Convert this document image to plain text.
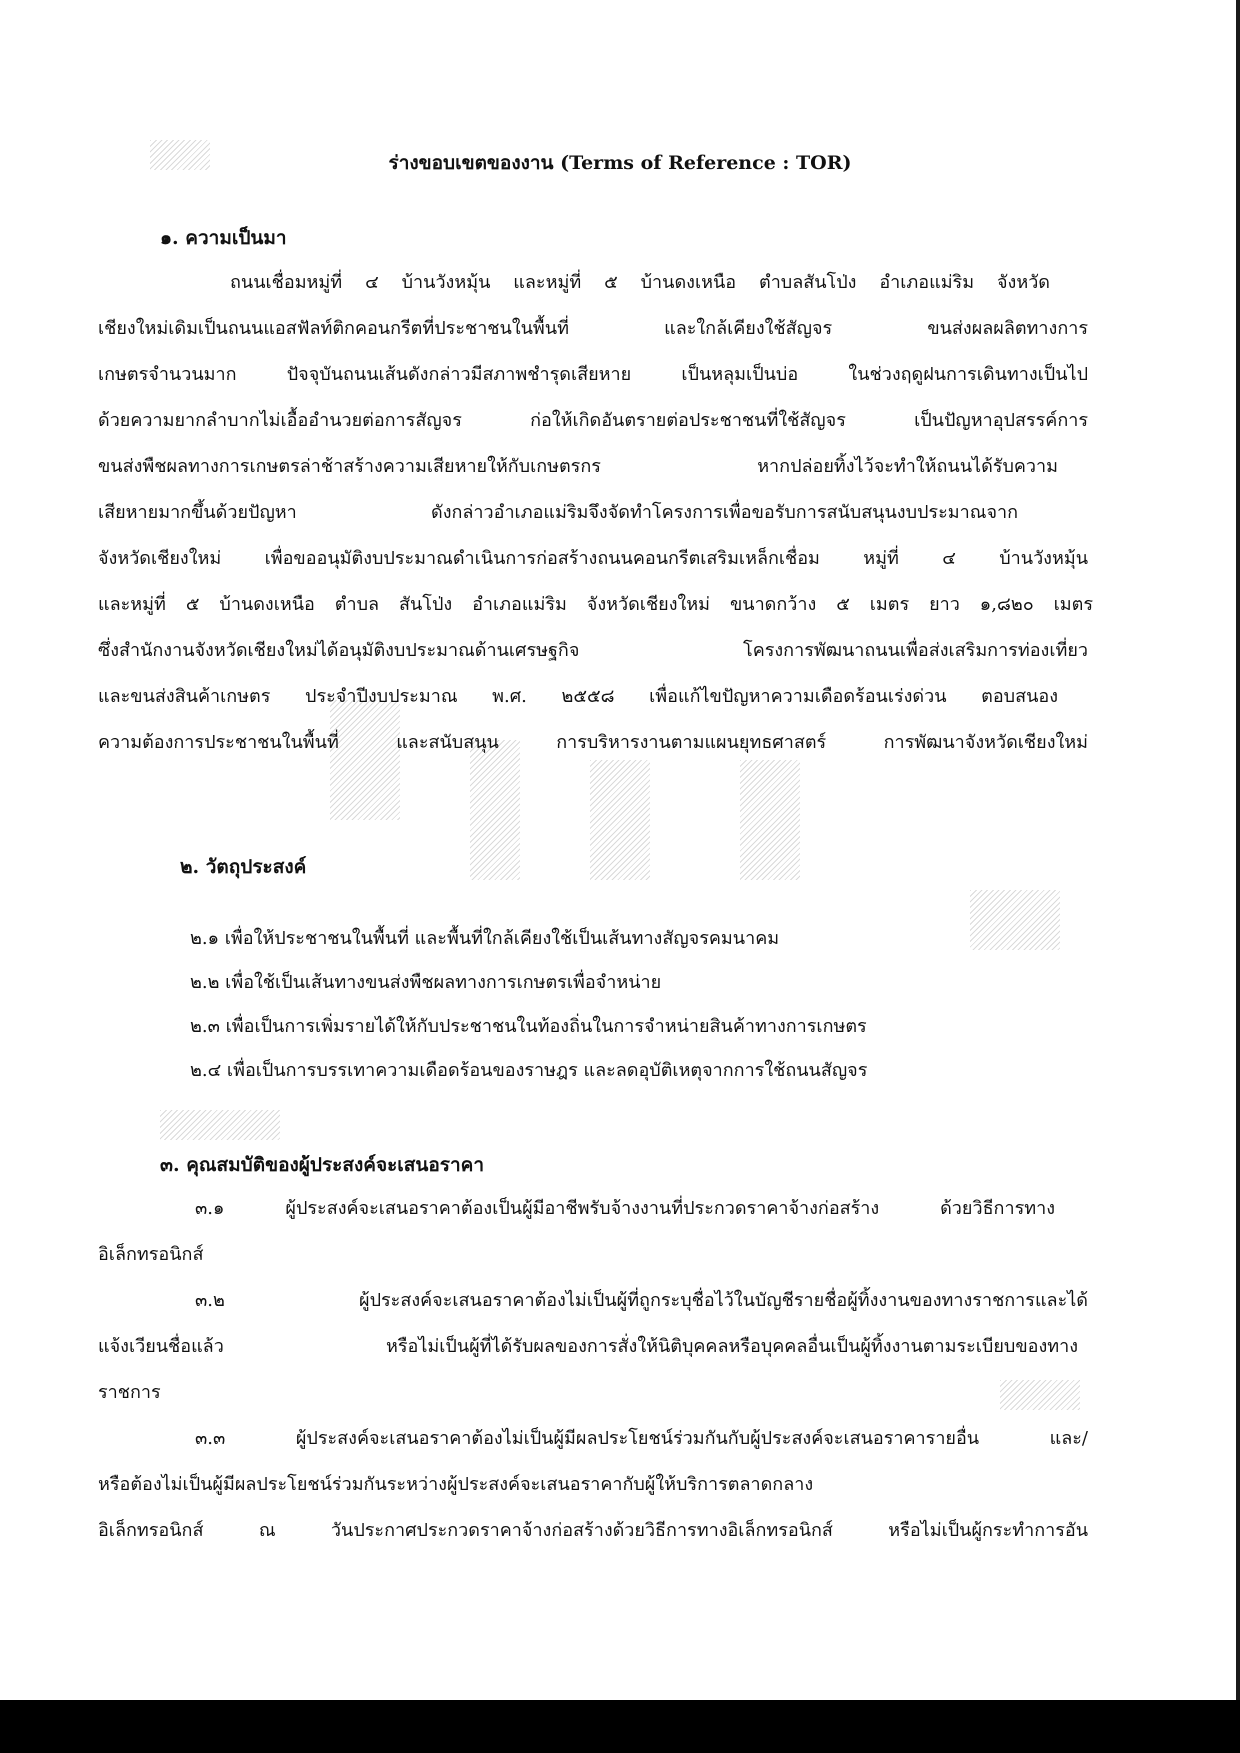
ร่างขอบเขตของงาน (Terms of Reference : TOR)
๑. ความเป็นมา
ถนนเชื่อมหมู่ที่ ๔ บ้านวังหมุ้น และหมู่ที่ ๕ บ้านดงเหนือ ตำบลสันโป่ง อำเภอแม่ริม จังหวัด
เชียงใหม่เดิมเป็นถนนแอสฟัลท์ติกคอนกรีตที่ประชาชนในพื้นที่ และใกล้เคียงใช้สัญจร ขนส่งผลผลิตทางการ
เกษตรจำนวนมาก ปัจจุบันถนนเส้นดังกล่าวมีสภาพชำรุดเสียหาย เป็นหลุมเป็นบ่อ ในช่วงฤดูฝนการเดินทางเป็นไป
ด้วยความยากลำบากไม่เอื้ออำนวยต่อการสัญจร ก่อให้เกิดอันตรายต่อประชาชนที่ใช้สัญจร เป็นปัญหาอุปสรรค์การ
ขนส่งพืชผลทางการเกษตรล่าช้าสร้างความเสียหายให้กับเกษตรกร หากปล่อยทิ้งไว้จะทำให้ถนนได้รับความ
เสียหายมากขึ้นด้วยปัญหา ดังกล่าวอำเภอแม่ริมจึงจัดทำโครงการเพื่อขอรับการสนับสนุนงบประมาณจาก
จังหวัดเชียงใหม่ เพื่อขออนุมัติงบประมาณดำเนินการก่อสร้างถนนคอนกรีตเสริมเหล็กเชื่อม หมู่ที่ ๔ บ้านวังหมุ้น
และหมู่ที่ ๕ บ้านดงเหนือ ตำบล สันโป่ง อำเภอแม่ริม จังหวัดเชียงใหม่ ขนาดกว้าง ๕ เมตร ยาว ๑,๘๒๐ เมตร
ซึ่งสำนักงานจังหวัดเชียงใหม่ได้อนุมัติงบประมาณด้านเศรษฐกิจ โครงการพัฒนาถนนเพื่อส่งเสริมการท่องเที่ยว
และขนส่งสินค้าเกษตร ประจำปีงบประมาณ พ.ศ. ๒๕๕๘ เพื่อแก้ไขปัญหาความเดือดร้อนเร่งด่วน ตอบสนอง
ความต้องการประชาชนในพื้นที่ และสนับสนุน การบริหารงานตามแผนยุทธศาสตร์ การพัฒนาจังหวัดเชียงใหม่
๒. วัตถุประสงค์
๒.๑ เพื่อให้ประชาชนในพื้นที่ และพื้นที่ใกล้เคียงใช้เป็นเส้นทางสัญจรคมนาคม
๒.๒ เพื่อใช้เป็นเส้นทางขนส่งพืชผลทางการเกษตรเพื่อจำหน่าย
๒.๓ เพื่อเป็นการเพิ่มรายได้ให้กับประชาชนในท้องถิ่นในการจำหน่ายสินค้าทางการเกษตร
๒.๔ เพื่อเป็นการบรรเทาความเดือดร้อนของราษฎร และลดอุบัติเหตุจากการใช้ถนนสัญจร
๓. คุณสมบัติของผู้ประสงค์จะเสนอราคา
๓.๑ ผู้ประสงค์จะเสนอราคาต้องเป็นผู้มีอาชีพรับจ้างงานที่ประกวดราคาจ้างก่อสร้าง ด้วยวิธีการทาง
อิเล็กทรอนิกส์
๓.๒ ผู้ประสงค์จะเสนอราคาต้องไม่เป็นผู้ที่ถูกระบุชื่อไว้ในบัญชีรายชื่อผู้ทิ้งงานของทางราชการและได้
แจ้งเวียนชื่อแล้ว หรือไม่เป็นผู้ที่ได้รับผลของการสั่งให้นิติบุคคลหรือบุคคลอื่นเป็นผู้ทิ้งงานตามระเบียบของทาง
ราชการ
๓.๓ ผู้ประสงค์จะเสนอราคาต้องไม่เป็นผู้มีผลประโยชน์ร่วมกันกับผู้ประสงค์จะเสนอราคารายอื่น และ/
หรือต้องไม่เป็นผู้มีผลประโยชน์ร่วมกันระหว่างผู้ประสงค์จะเสนอราคากับผู้ให้บริการตลาดกลาง
อิเล็กทรอนิกส์ ณ วันประกาศประกวดราคาจ้างก่อสร้างด้วยวิธีการทางอิเล็กทรอนิกส์ หรือไม่เป็นผู้กระทำการอัน
